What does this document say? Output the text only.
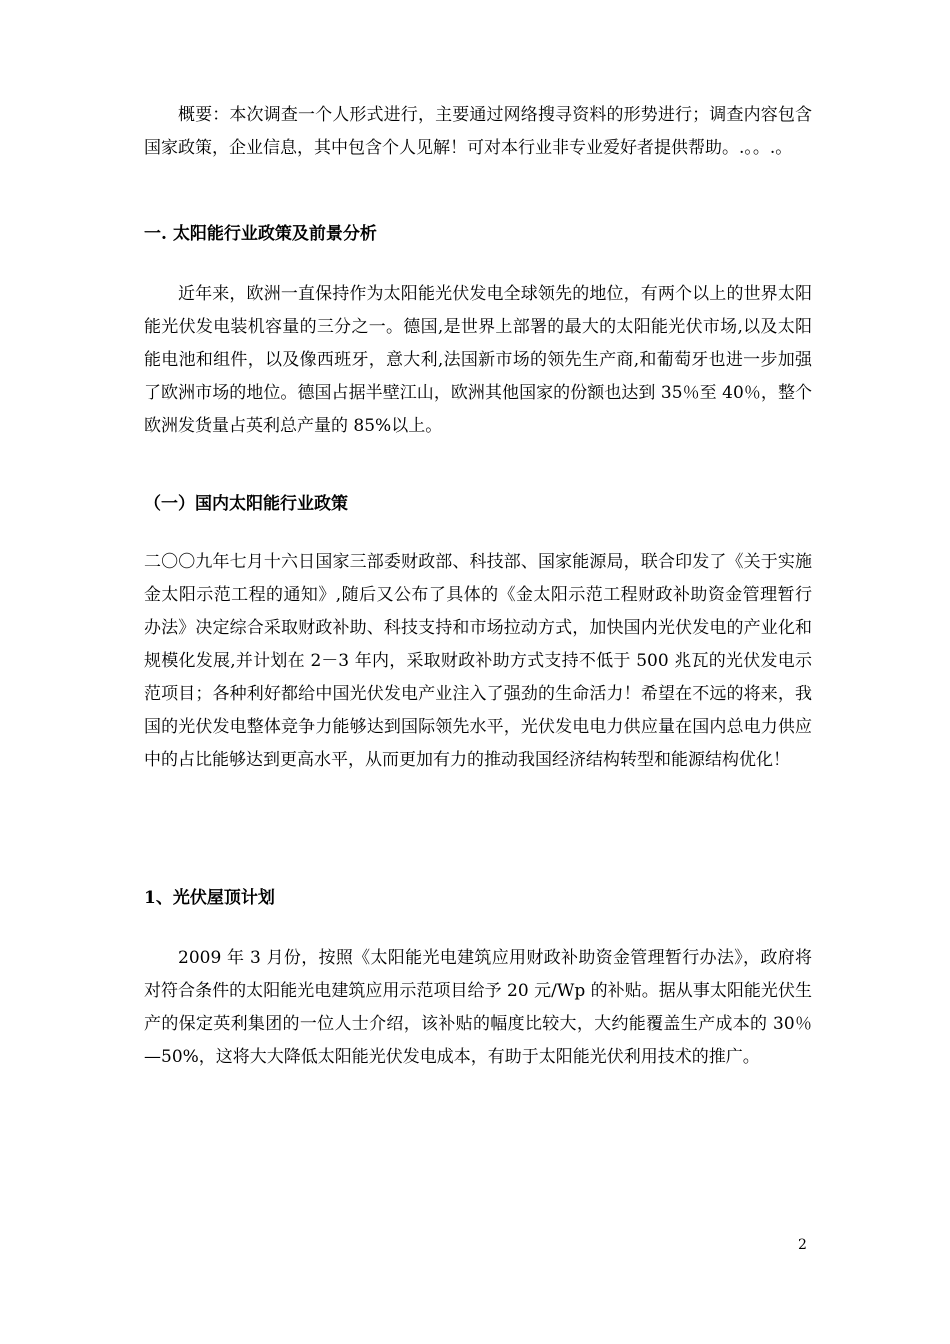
概要：本次调查一个人形式进行，主要通过网络搜寻资料的形势进行；调查内容包含国家政策，企业信息，其中包含个人见解！可对本行业非专业爱好者提供帮助。.。。.。

一. 太阳能行业政策及前景分析

近年来，欧洲一直保持作为太阳能光伏发电全球领先的地位，有两个以上的世界太阳能光伏发电装机容量的三分之一。德国,是世界上部署的最大的太阳能光伏市场,以及太阳能电池和组件，以及像西班牙，意大利,法国新市场的领先生产商,和葡萄牙也进一步加强了欧洲市场的地位。德国占据半壁江山，欧洲其他国家的份额也达到 35％至 40％，整个欧洲发货量占英利总产量的 85%以上。

（一）国内太阳能行业政策

二〇〇九年七月十六日国家三部委财政部、科技部、国家能源局，联合印发了《关于实施金太阳示范工程的通知》,随后又公布了具体的《金太阳示范工程财政补助资金管理暂行办法》决定综合采取财政补助、科技支持和市场拉动方式，加快国内光伏发电的产业化和规模化发展,并计划在 2－3 年内，采取财政补助方式支持不低于 500 兆瓦的光伏发电示范项目；各种利好都给中国光伏发电产业注入了强劲的生命活力！希望在不远的将来，我国的光伏发电整体竞争力能够达到国际领先水平，光伏发电电力供应量在国内总电力供应中的占比能够达到更高水平，从而更加有力的推动我国经济结构转型和能源结构优化！

1、光伏屋顶计划

2009 年 3 月份，按照《太阳能光电建筑应用财政补助资金管理暂行办法》，政府将对符合条件的太阳能光电建筑应用示范项目给予 20 元/Wp 的补贴。据从事太阳能光伏生产的保定英利集团的一位人士介绍，该补贴的幅度比较大，大约能覆盖生产成本的 30％—50%，这将大大降低太阳能光伏发电成本，有助于太阳能光伏利用技术的推广。

2
